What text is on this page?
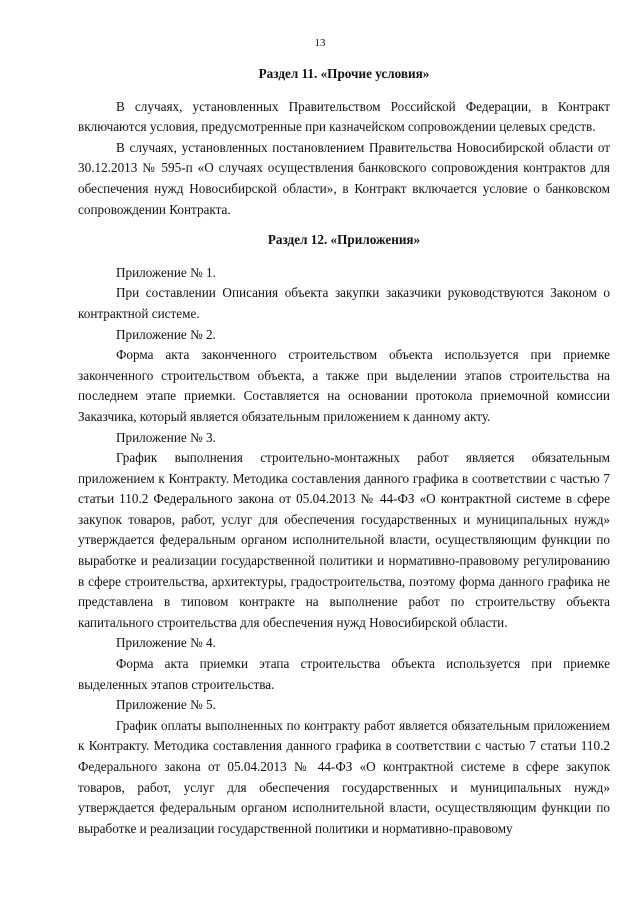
13

Раздел 11. «Прочие условия»

В случаях, установленных Правительством Российской Федерации, в Контракт включаются условия, предусмотренные при казначейском сопровождении целевых средств.

В случаях, установленных постановлением Правительства Новосибирской области от 30.12.2013 № 595-п «О случаях осуществления банковского сопровождения контрактов для обеспечения нужд Новосибирской области», в Контракт включается условие о банковском сопровождении Контракта.

Раздел 12. «Приложения»

Приложение № 1.

При составлении Описания объекта закупки заказчики руководствуются Законом о контрактной системе.

Приложение № 2.

Форма акта законченного строительством объекта используется при приемке законченного строительством объекта, а также при выделении этапов строительства на последнем этапе приемки. Составляется на основании протокола приемочной комиссии Заказчика, который является обязательным приложением к данному акту.

Приложение № 3.

График выполнения строительно-монтажных работ является обязательным приложением к Контракту. Методика составления данного графика в соответствии с частью 7 статьи 110.2 Федерального закона от 05.04.2013 № 44-ФЗ «О контрактной системе в сфере закупок товаров, работ, услуг для обеспечения государственных и муниципальных нужд» утверждается федеральным органом исполнительной власти, осуществляющим функции по выработке и реализации государственной политики и нормативно-правовому регулированию в сфере строительства, архитектуры, градостроительства, поэтому форма данного графика не представлена в типовом контракте на выполнение работ по строительству объекта капитального строительства для обеспечения нужд Новосибирской области.

Приложение № 4.

Форма акта приемки этапа строительства объекта используется при приемке выделенных этапов строительства.

Приложение № 5.

График оплаты выполненных по контракту работ является обязательным приложением к Контракту. Методика составления данного графика в соответствии с частью 7 статьи 110.2 Федерального закона от 05.04.2013 № 44-ФЗ «О контрактной системе в сфере закупок товаров, работ, услуг для обеспечения государственных и муниципальных нужд» утверждается федеральным органом исполнительной власти, осуществляющим функции по выработке и реализации государственной политики и нормативно-правовому
